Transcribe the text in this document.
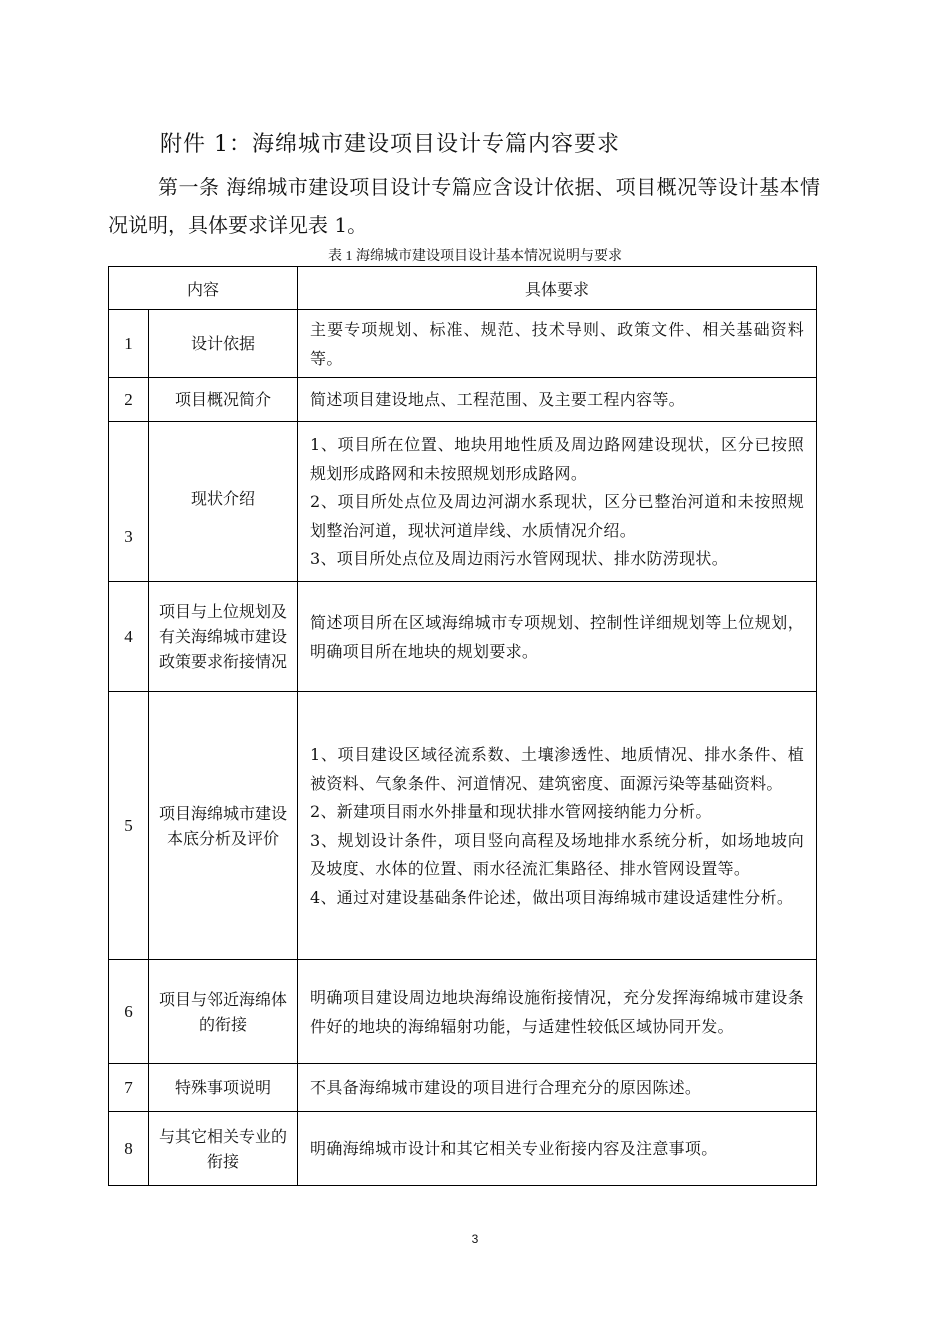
附件 1：海绵城市建设项目设计专篇内容要求

第一条 海绵城市建设项目设计专篇应含设计依据、项目概况等设计基本情况说明，具体要求详见表 1。

表 1 海绵城市建设项目设计基本情况说明与要求
内容		具体要求
1	设计依据	主要专项规划、标准、规范、技术导则、政策文件、相关基础资料等。

2	项目概况简介	简述项目建设地点、工程范围、及主要工程内容等。

3	现状介绍	1、项目所在位置、地块用地性质及周边路网建设现状，区分已按照规划形成路网和未按照规划形成路网。
2、项目所处点位及周边河湖水系现状，区分已整治河道和未按照规划整治河道，现状河道岸线、水质情况介绍。
3、项目所处点位及周边雨污水管网现状、排水防涝现状。

4	项目与上位规划及有关海绵城市建设政策要求衔接情况	简述项目所在区域海绵城市专项规划、控制性详细规划等上位规划，明确项目所在地块的规划要求。

5	项目海绵城市建设本底分析及评价	1、项目建设区域径流系数、土壤渗透性、地质情况、排水条件、植被资料、气象条件、河道情况、建筑密度、面源污染等基础资料。
2、新建项目雨水外排量和现状排水管网接纳能力分析。
3、规划设计条件，项目竖向高程及场地排水系统分析，如场地坡向及坡度、水体的位置、雨水径流汇集路径、排水管网设置等。
4、通过对建设基础条件论述，做出项目海绵城市建设适建性分析。

6	项目与邻近海绵体的衔接	明确项目建设周边地块海绵设施衔接情况，充分发挥海绵城市建设条件好的地块的海绵辐射功能，与适建性较低区域协同开发。

7	特殊事项说明	不具备海绵城市建设的项目进行合理充分的原因陈述。

8	与其它相关专业的衔接	明确海绵城市设计和其它相关专业衔接内容及注意事项。
3
